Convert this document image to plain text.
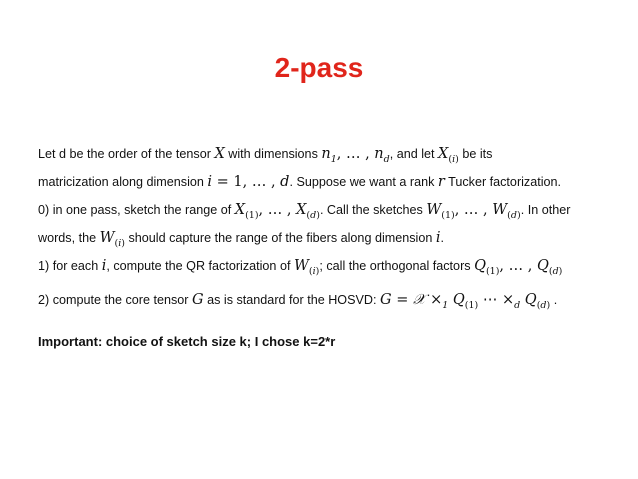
2-pass
Let d be the order of the tensor X with dimensions $n_1$, … , $n_d$, and let $X_{(i)}$ be its
matricization along dimension i = 1, … , d. Suppose we want a rank r Tucker factorization.
0) in one pass, sketch the range of $X_{(1)}$, … , $X_{(d)}$. Call the sketches $W_{(1)}$, … , $W_{(d)}$. In other
words, the $W_{(i)}$ should capture the range of the fibers along dimension i.
1) for each i, compute the QR factorization of $W_{(i)}$; call the orthogonal factors $Q_{(1)}$, … , $Q_{(d)}$
2) compute the core tensor G as is standard for the HOSVD: G = 𝒳 $\times_1$ $Q_{(1)}$ ⋯ $\times_d$ $Q_{(d)}$ .
Important: choice of sketch size k; I chose k=2*r
